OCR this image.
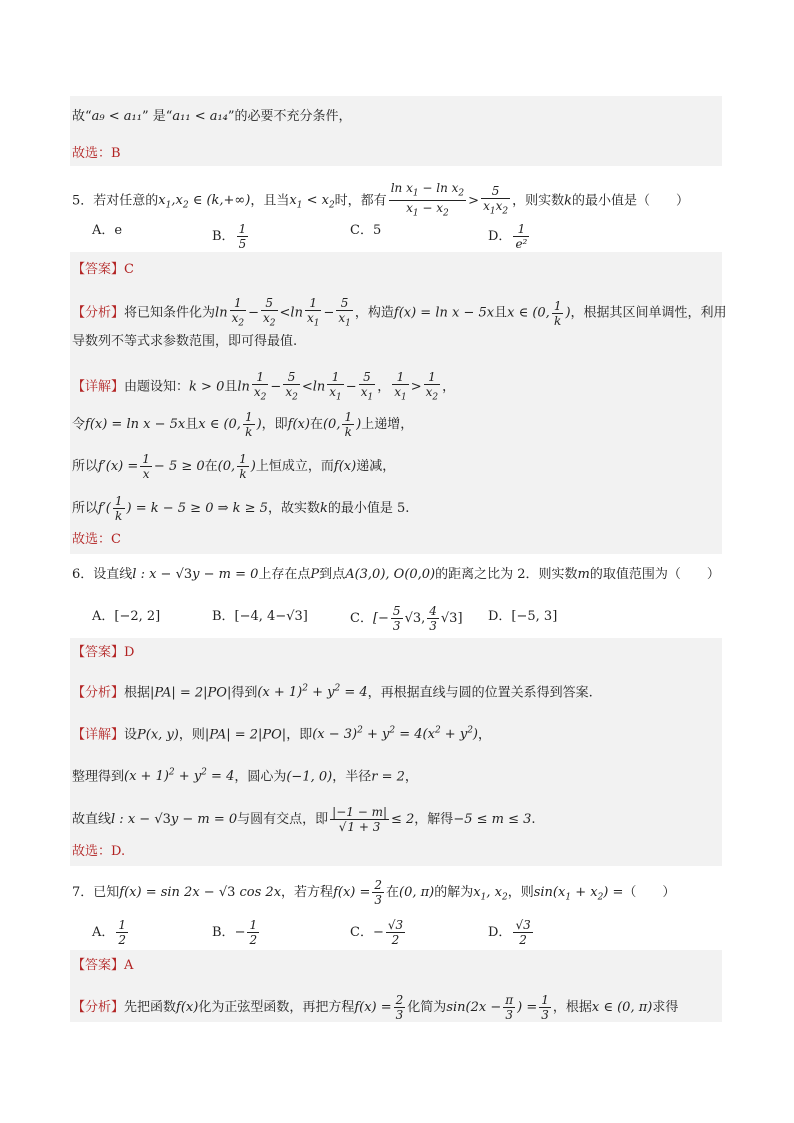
故“a₉ < a₁₁” 是“a₁₁ < a₁₄”的必要不充分条件，
故选：B
5．若对任意的$x_1,x_2$ ∈ (k,+∞)，且当$x_1 < x_2$时，都有 $\frac{\ln x_1 - \ln x_2}{x_1 - x_2} > \frac{5}{x_1x_2}$ ，则实数k的最小值是（　　）
A．e	B． $\frac{1}{5}$	C．5	D． $\frac{1}{\text{e²}}$
【答案】C
【分析】将已知条件化为$\ln \frac{1}{x_2} - \frac{5}{x_2} <\ln \frac{1}{x_1} - \frac{5}{x_1}$ ，构造f(x) = ln x − 5x且x ∈ (0, $\frac{1}{k}$ )，根据其区间单调性，利用
导数列不等式求参数范围，即可得最值.
【详解】由题设知：k > 0且$\ln \frac{1}{x_2} - \frac{5}{x_2} <\ln \frac{1}{x_1} - \frac{5}{x_1}$ ， $\frac{1}{x_1} > \frac{1}{x_2}$ ，
令f(x) = ln x − 5x且x ∈ (0, $\frac{1}{k}$ )，即f(x)在(0, $\frac{1}{k}$ )上递增，
所以$f'(x) = \frac{1}{x} - 5 \ge 0$在(0, $\frac{1}{k}$ )上恒成立，而f(x)递减，
所以$f'( \frac{1}{k}$ ) = k − 5 ≥ 0 ⇒ k ≥ 5，故实数k的最小值是 5.
故选：C
6．设直线l : x − √3y − m = 0上存在点P到点A(3,0), O(0,0)的距离之比为 2．则实数m的取值范围为（　　）
A．[−2, 2]	B．[−4, 4−√3]	C．[− $\frac{5}{3} √3$, $\frac{4}{3} √3$] D．[−5, 3]
【答案】D
【分析】根据|PA| = 2|PO|得到$(x + 1)^2 + y^2 = 4$，再根据直线与圆的位置关系得到答案.
【详解】设P(x, y)，则|PA| = 2|PO|，即$(x - 3)^2 + y^2 = 4(x^2 + y^2)$，
整理得到$(x + 1)^2 + y^2 = 4$，圆心为(−1, 0)，半径r = 2，
故直线l : x − √3y − m = 0与圆有交点，即 $\frac{|-1 - m|}{√1 + 3} \le 2$，解得−5 ≤ m ≤ 3.
故选：D.
7．已知f(x) = sin 2x − √3 cos 2x，若方程$f(x) = \frac{2}{3}$ 在(0, π)的解为$x_1$, $x_2$，则$\sin(x_1 + x_2)$ =（　　）
A． $\frac{1}{2}$	B．− $\frac{1}{2}$	C．− $\frac{√3}{2}$	D． $\frac{√3}{2}$
【答案】A
【分析】先把函数f(x)化为正弦型函数，再把方程$f(x) = \frac{2}{3}$ 化简为$\sin(2x - \frac{\pi}{3}$ ) = $\frac{1}{3}$ ，根据x ∈ (0, π)求得
